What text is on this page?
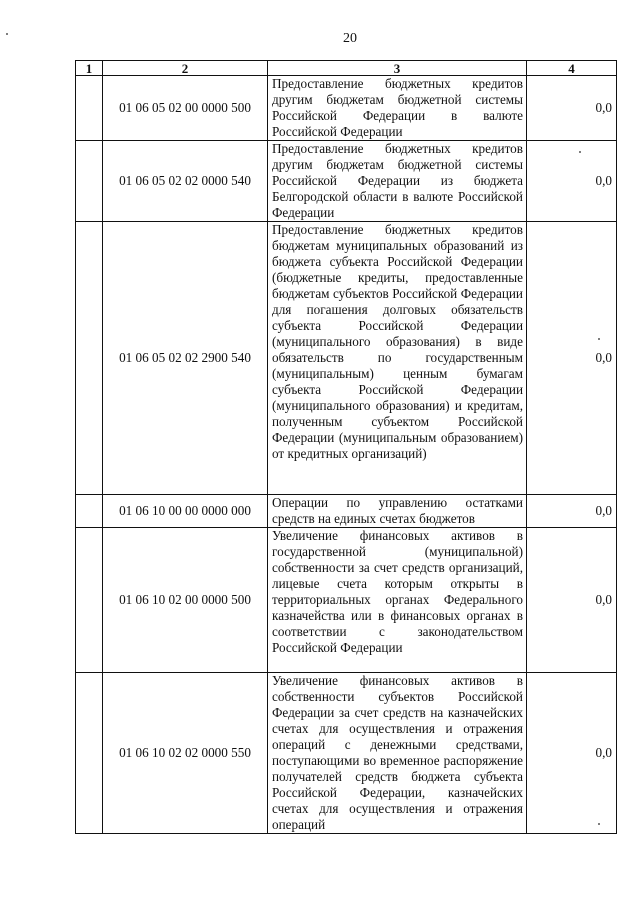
20
1	2	3	4
	01 06 05 02 00 0000 500	Предоставление бюджетных кредитов другим бюджетам бюджетной системы Российской Федерации в валюте Российской Федерации	0,0
	01 06 05 02 02 0000 540	Предоставление бюджетных кредитов другим бюджетам бюджетной системы Российской Федерации из бюджета Белгородской области в валюте Российской Федерации	0,0
	01 06 05 02 02 2900 540	Предоставление бюджетных кредитов бюджетам муниципальных образований из бюджета субъекта Российской Федерации (бюджетные кредиты, предоставленные бюджетам субъектов Российской Федерации для погашения долговых обязательств субъекта Российской Федерации (муниципального образования) в виде обязательств по государственным (муниципальным) ценным бумагам субъекта Российской Федерации (муниципального образования) и кредитам, полученным субъектом Российской Федерации (муниципальным образованием) от кредитных организаций)	0,0
	01 06 10 00 00 0000 000	Операции по управлению остатками средств на единых счетах бюджетов	0,0
	01 06 10 02 00 0000 500	Увеличение финансовых активов в государственной (муниципальной) собственности за счет средств организаций, лицевые счета которым открыты в территориальных органах Федерального казначейства или в финансовых органах в соответствии с законодательством Российской Федерации	0,0
	01 06 10 02 02 0000 550	Увеличение финансовых активов в собственности субъектов Российской Федерации за счет средств на казначейских счетах для осуществления и отражения операций с денежными средствами, поступающими во временное распоряжение получателей средств бюджета субъекта Российской Федерации, казначейских счетах для осуществления и отражения операций	0,0
